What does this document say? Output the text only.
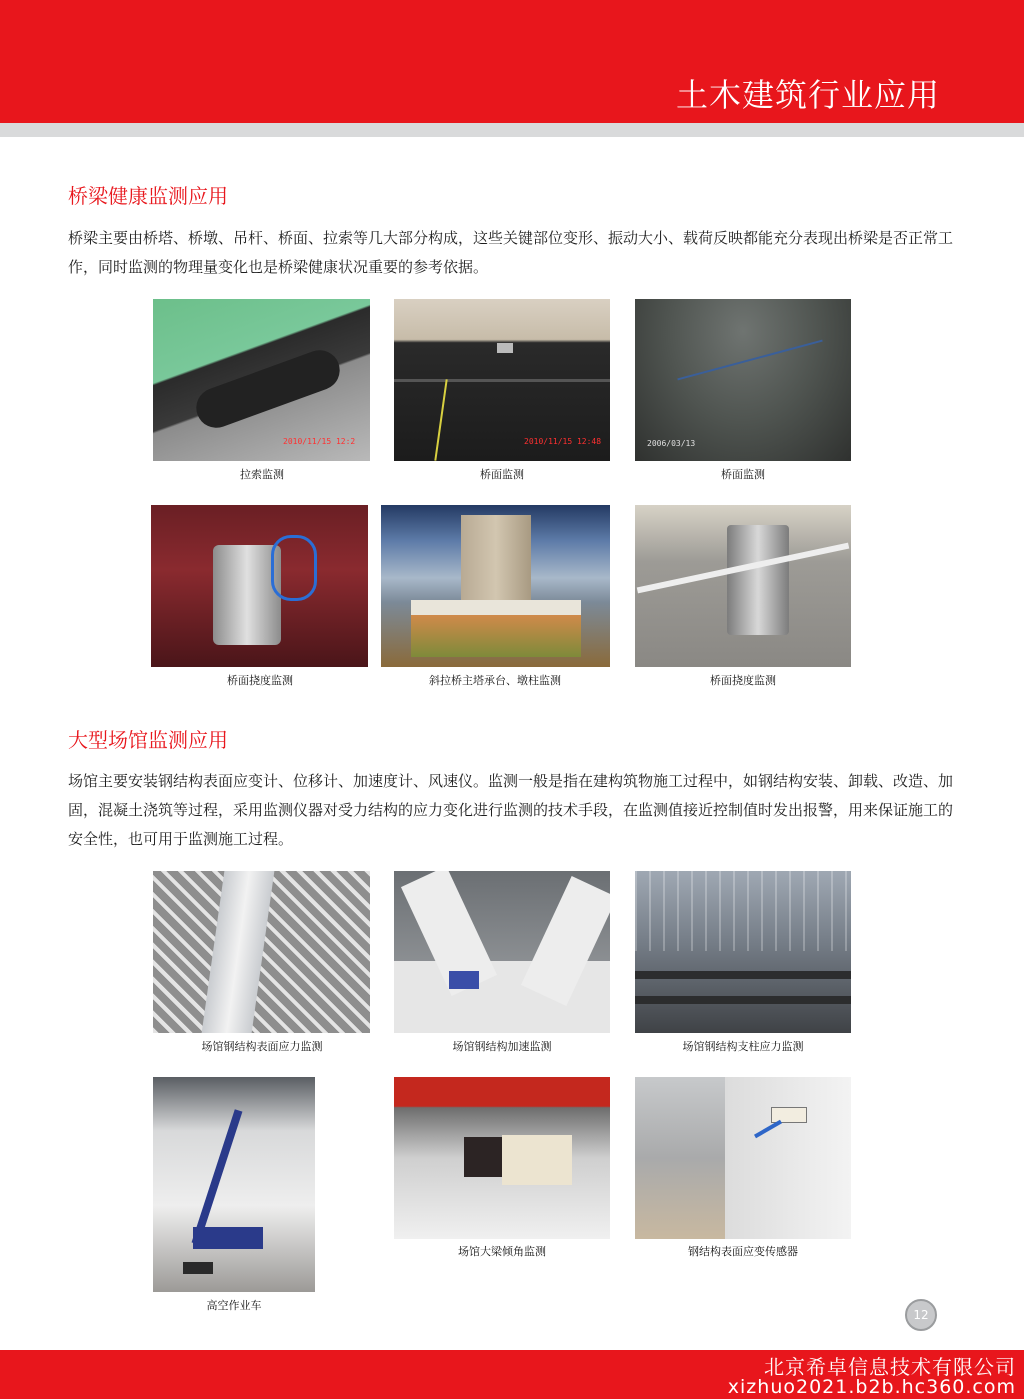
土木建筑行业应用
桥梁健康监测应用
桥梁主要由桥塔、桥墩、吊杆、桥面、拉索等几大部分构成，这些关键部位变形、振动大小、载荷反映都能充分表现出桥梁是否正常工作，同时监测的物理量变化也是桥梁健康状况重要的参考依据。
2010/11/15 12:2
拉索监测
2010/11/15 12:48
桥面监测
2006/03/13
桥面监测
桥面挠度监测	斜拉桥主塔承台、墩柱监测	桥面挠度监测
大型场馆监测应用
场馆主要安装钢结构表面应变计、位移计、加速度计、风速仪。监测一般是指在建构筑物施工过程中，如钢结构安装、卸载、改造、加固，混凝土浇筑等过程，采用监测仪器对受力结构的应力变化进行监测的技术手段，在监测值接近控制值时发出报警，用来保证施工的安全性，也可用于监测施工过程。
场馆钢结构表面应力监测	场馆钢结构加速监测	场馆钢结构支柱应力监测
高空作业车
场馆大梁倾角监测	钢结构表面应变传感器
12
北京希卓信息技术有限公司
xizhuo2021.b2b.hc360.com
